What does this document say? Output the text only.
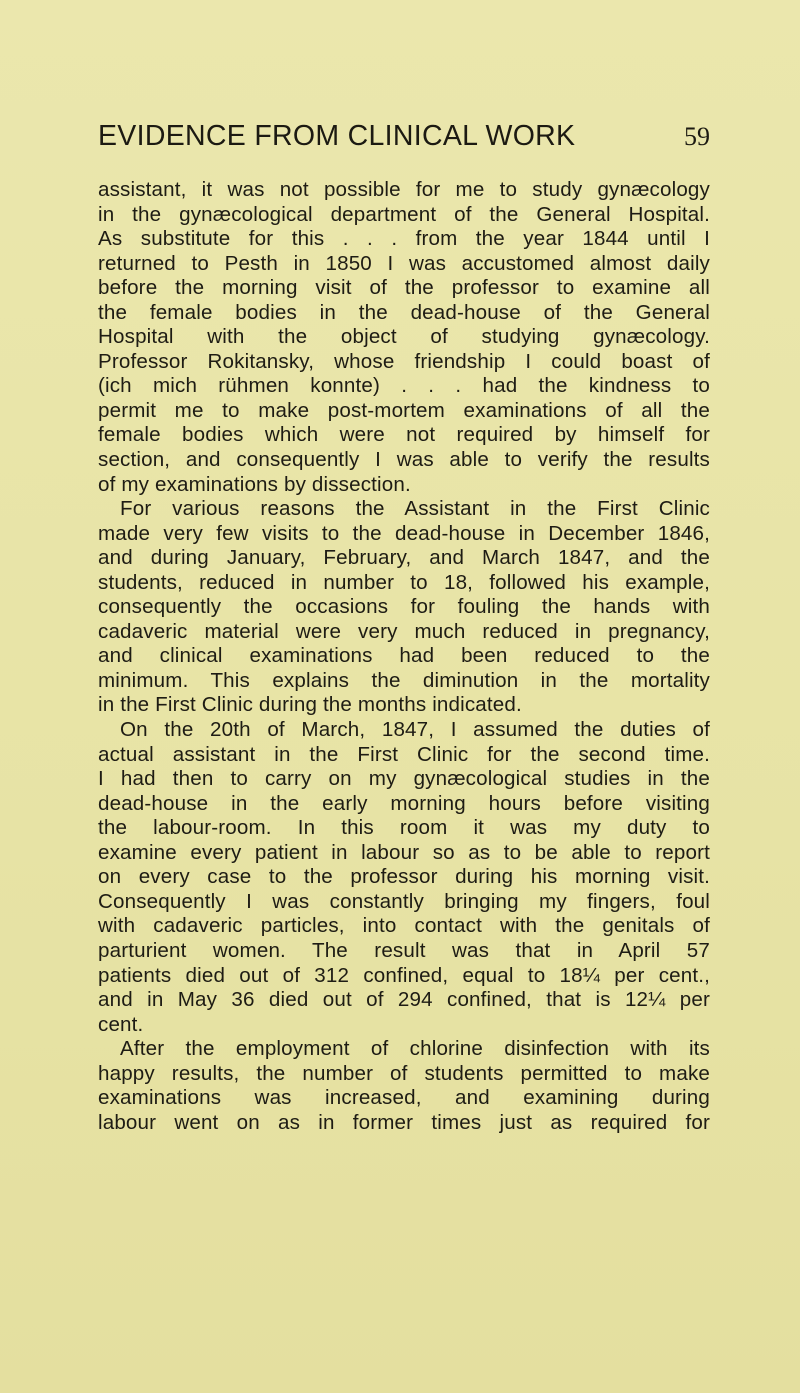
EVIDENCE FROM CLINICAL WORK	59
assistant, it was not possible for me to study gynæcology
in the gynæcological department of the General Hospital.
As substitute for this . . . from the year 1844 until I
returned to Pesth in 1850 I was accustomed almost daily
before the morning visit of the professor to examine all
the female bodies in the dead-house of the General
Hospital with the object of studying gynæcology.
Professor Rokitansky, whose friendship I could boast of
(ich mich rühmen konnte) . . . had the kindness to
permit me to make post-mortem examinations of all the
female bodies which were not required by himself for
section, and consequently I was able to verify the results
of my examinations by dissection.
For various reasons the Assistant in the First Clinic
made very few visits to the dead-house in December 1846,
and during January, February, and March 1847, and the
students, reduced in number to 18, followed his example,
consequently the occasions for fouling the hands with
cadaveric material were very much reduced in pregnancy,
and clinical examinations had been reduced to the
minimum. This explains the diminution in the mortality
in the First Clinic during the months indicated.
On the 20th of March, 1847, I assumed the duties of
actual assistant in the First Clinic for the second time.
I had then to carry on my gynæcological studies in the
dead-house in the early morning hours before visiting
the labour-room. In this room it was my duty to
examine every patient in labour so as to be able to report
on every case to the professor during his morning visit.
Consequently I was constantly bringing my fingers, foul
with cadaveric particles, into contact with the genitals of
parturient women. The result was that in April 57
patients died out of 312 confined, equal to 18¼ per cent.,
and in May 36 died out of 294 confined, that is 12¼ per
cent.
After the employment of chlorine disinfection with its
happy results, the number of students permitted to make
examinations was increased, and examining during
labour went on as in former times just as required for
